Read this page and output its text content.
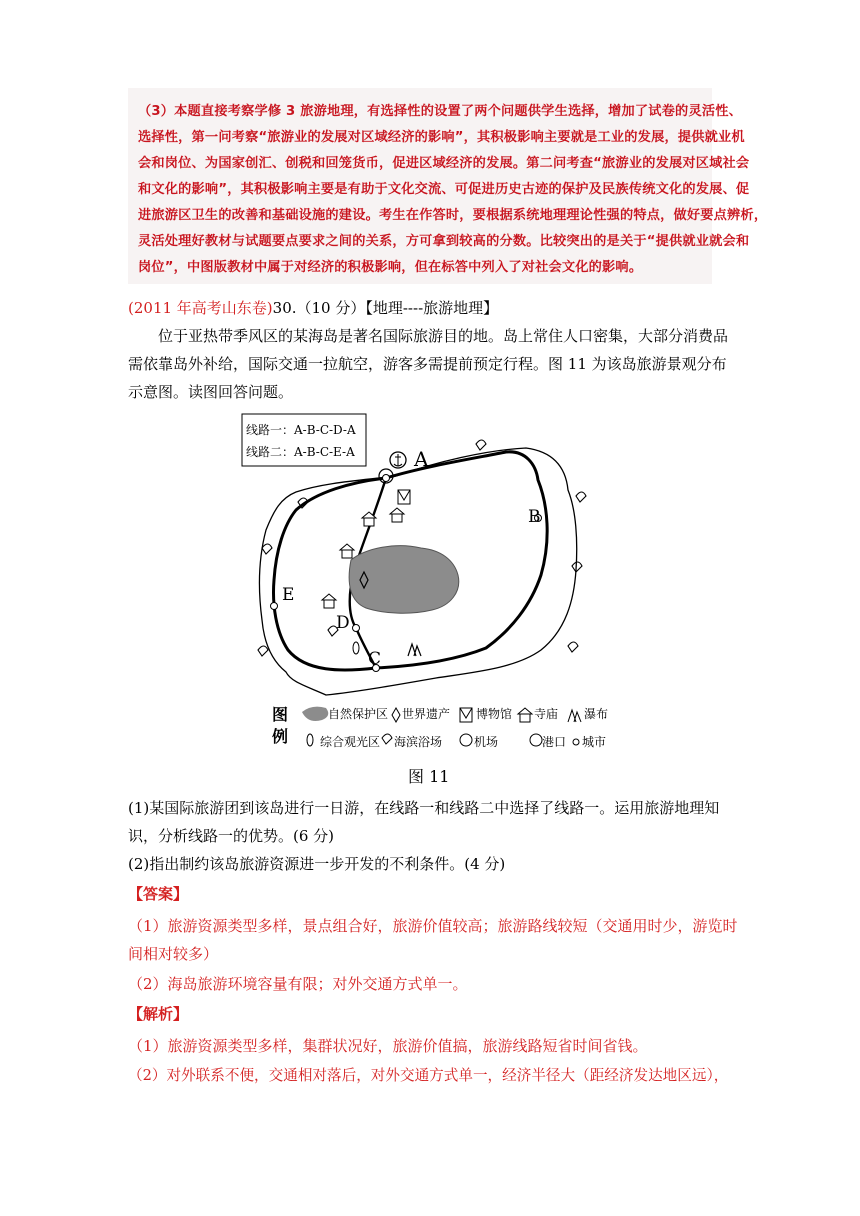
（3）本题直接考察学修 3 旅游地理，有选择性的设置了两个问题供学生选择，增加了试卷的灵活性、

选择性，第一问考察“旅游业的发展对区域经济的影响”，其积极影响主要就是工业的发展，提供就业机

会和岗位、为国家创汇、创税和回笼货币，促进区域经济的发展。第二问考查“旅游业的发展对区域社会

和文化的影响”，其积极影响主要是有助于文化交流、可促进历史古迹的保护及民族传统文化的发展、促

进旅游区卫生的改善和基础设施的建设。考生在作答时，要根据系统地理理论性强的特点，做好要点辨析，

灵活处理好教材与试题要点要求之间的关系，方可拿到较高的分数。比较突出的是关于“提供就业就会和

岗位”，中图版教材中属于对经济的积极影响，但在标答中列入了对社会文化的影响。

(2011 年高考山东卷)30.（10 分）【地理----旅游地理】
位于亚热带季风区的某海岛是著名国际旅游目的地。岛上常住人口密集，大部分消费品需依靠岛外补给，国际交通一拉航空，游客多需提前预定行程。图 11 为该岛旅游景观分布示意图。读图回答问题。
线路一：A-B-C-D-A
线路二：A-B-C-E-A	A
B
C
D
E
图
例
自然保护区 世界遗产 博物馆 寺庙 瀑布
综合观光区 海滨浴场	机场	港口 城市
图 11
(1)某国际旅游团到该岛进行一日游，在线路一和线路二中选择了线路一。运用旅游地理知识，分析线路一的优势。(6 分)
(2)指出制约该岛旅游资源进一步开发的不利条件。(4 分)
【答案】
（1）旅游资源类型多样，景点组合好，旅游价值较高；旅游路线较短（交通用时少，游览时间相对较多）
（2）海岛旅游环境容量有限；对外交通方式单一。
【解析】
（1）旅游资源类型多样，集群状况好，旅游价值搞，旅游线路短省时间省钱。
（2）对外联系不便，交通相对落后，对外交通方式单一，经济半径大（距经济发达地区远），
